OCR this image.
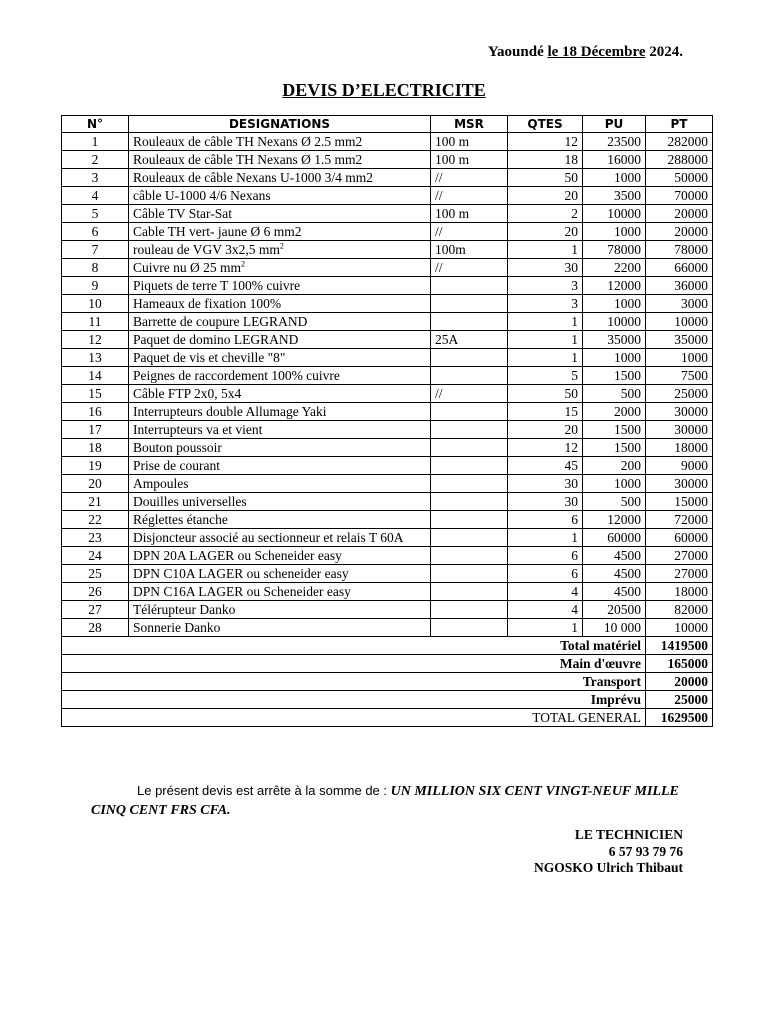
Yaoundé le 18 Décembre 2024.
DEVIS D’ELECTRICITE
N°	DESIGNATIONS	MSR	QTES	PU	PT
1	Rouleaux de câble TH Nexans Ø 2.5 mm2	100 m	12	23500	282000
2	Rouleaux de câble TH Nexans Ø 1.5 mm2	100 m	18	16000	288000
3	Rouleaux de câble Nexans U-1000 3/4 mm2	//	50	1000	50000
4	câble U-1000 4/6 Nexans	//	20	3500	70000
5	Câble TV Star-Sat	100 m	2	10000	20000
6	Cable TH vert- jaune Ø 6 mm2	//	20	1000	20000
7	rouleau de VGV 3x2,5 $mm^2$	100m	1	78000	78000
8	Cuivre nu Ø 25 $mm^2$	//	30	2200	66000
9	Piquets de terre T 100% cuivre		3	12000	36000
10	Hameaux de fixation 100%		3	1000	3000
11	Barrette de coupure LEGRAND		1	10000	10000
12	Paquet de domino LEGRAND	25A	1	35000	35000
13	Paquet de vis et cheville "8"		1	1000	1000
14	Peignes de raccordement 100% cuivre		5	1500	7500
15	Câble FTP 2x0, 5x4	//	50	500	25000
16	Interrupteurs double Allumage Yaki		15	2000	30000
17	Interrupteurs va et vient		20	1500	30000
18	Bouton poussoir		12	1500	18000
19	Prise de courant		45	200	9000
20	Ampoules		30	1000	30000
21	Douilles universelles		30	500	15000
22	Réglettes étanche		6	12000	72000
23	Disjoncteur associé au sectionneur et relais T 60A		1	60000	60000
24	DPN 20A LAGER ou Scheneider easy		6	4500	27000
25	DPN C10A LAGER ou scheneider easy		6	4500	27000
26	DPN C16A LAGER ou Scheneider easy		4	4500	18000
27	Télérupteur Danko		4	20500	82000
28	Sonnerie Danko		1	10 000	10000
Total matériel					1419500
Main d'œuvre					165000
Transport					20000
Imprévu					25000
TOTAL GENERAL					1629500
Le présent devis est arrête à la somme de : UN MILLION SIX CENT VINGT-NEUF MILLE CINQ CENT FRS CFA.
LE TECHNICIEN
6 57 93 79 76
NGOSKO Ulrich Thibaut
